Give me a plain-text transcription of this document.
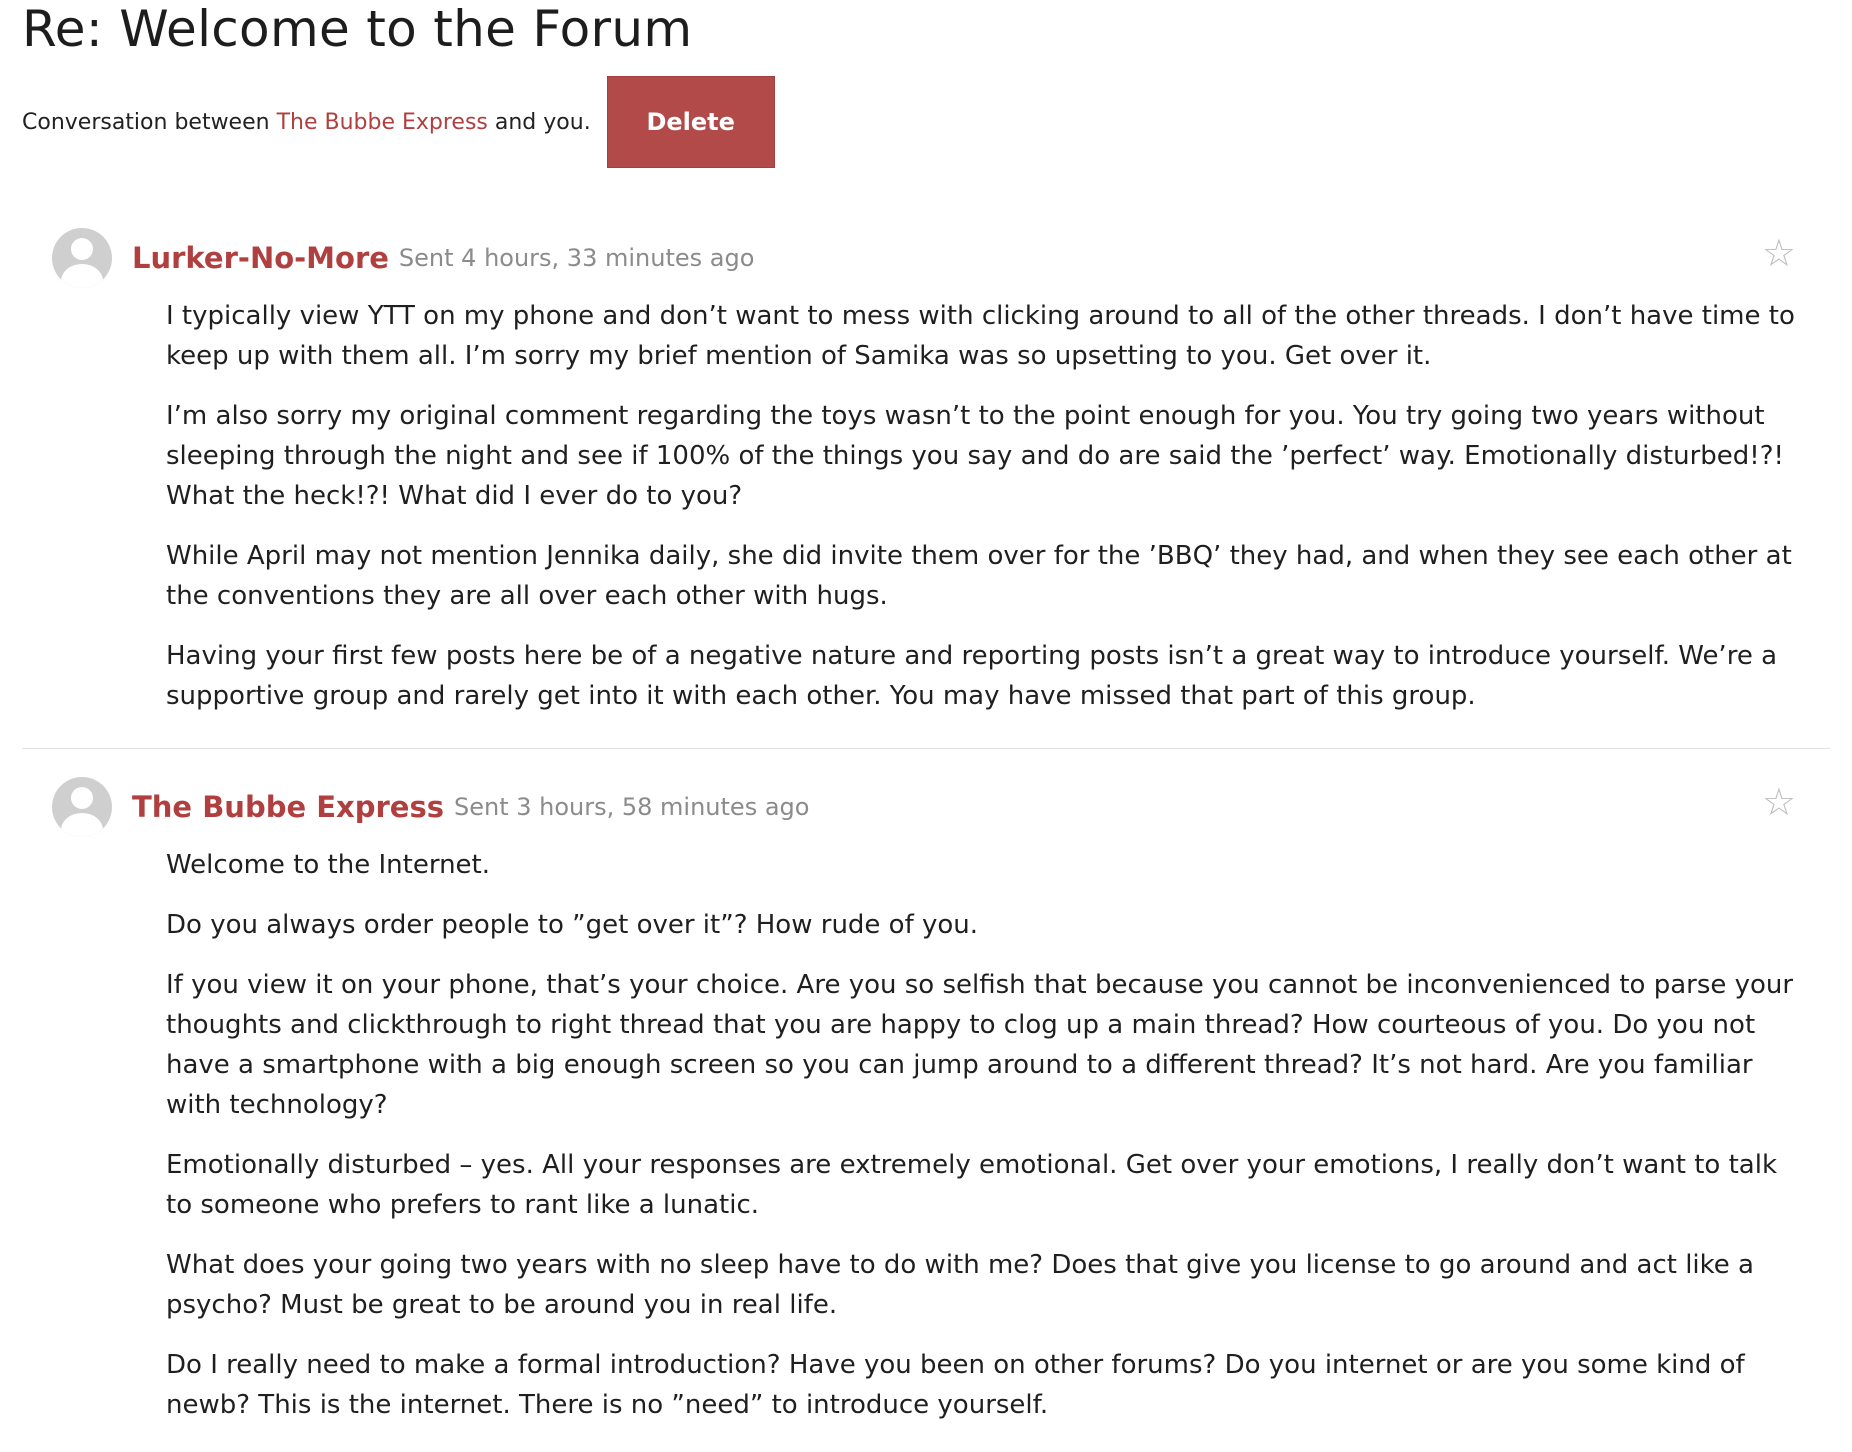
Re: Welcome to the Forum
Conversation between The Bubbe Express and you.	Delete
Lurker-No-More Sent 4 hours, 33 minutes ago	☆

I typically view YTT on my phone and don’t want to mess with clicking around to all of the other threads. I don’t have time to keep up with them all. I’m sorry my brief mention of Samika was so upsetting to you. Get over it.

I’m also sorry my original comment regarding the toys wasn’t to the point enough for you. You try going two years without sleeping through the night and see if 100% of the things you say and do are said the ’perfect’ way. Emotionally disturbed!?! What the heck!?! What did I ever do to you?

While April may not mention Jennika daily, she did invite them over for the ’BBQ’ they had, and when they see each other at the conventions they are all over each other with hugs.

Having your first few posts here be of a negative nature and reporting posts isn’t a great way to introduce yourself. We’re a supportive group and rarely get into it with each other. You may have missed that part of this group.

The Bubbe Express Sent 3 hours, 58 minutes ago	☆

Welcome to the Internet.

Do you always order people to ”get over it”? How rude of you.

If you view it on your phone, that’s your choice. Are you so selfish that because you cannot be inconvenienced to parse your thoughts and clickthrough to right thread that you are happy to clog up a main thread? How courteous of you. Do you not have a smartphone with a big enough screen so you can jump around to a different thread? It’s not hard. Are you familiar with technology?

Emotionally disturbed – yes. All your responses are extremely emotional. Get over your emotions, I really don’t want to talk to someone who prefers to rant like a lunatic.

What does your going two years with no sleep have to do with me? Does that give you license to go around and act like a psycho? Must be great to be around you in real life.

Do I really need to make a formal introduction? Have you been on other forums? Do you internet or are you some kind of newb? This is the internet. There is no ”need” to introduce yourself.
